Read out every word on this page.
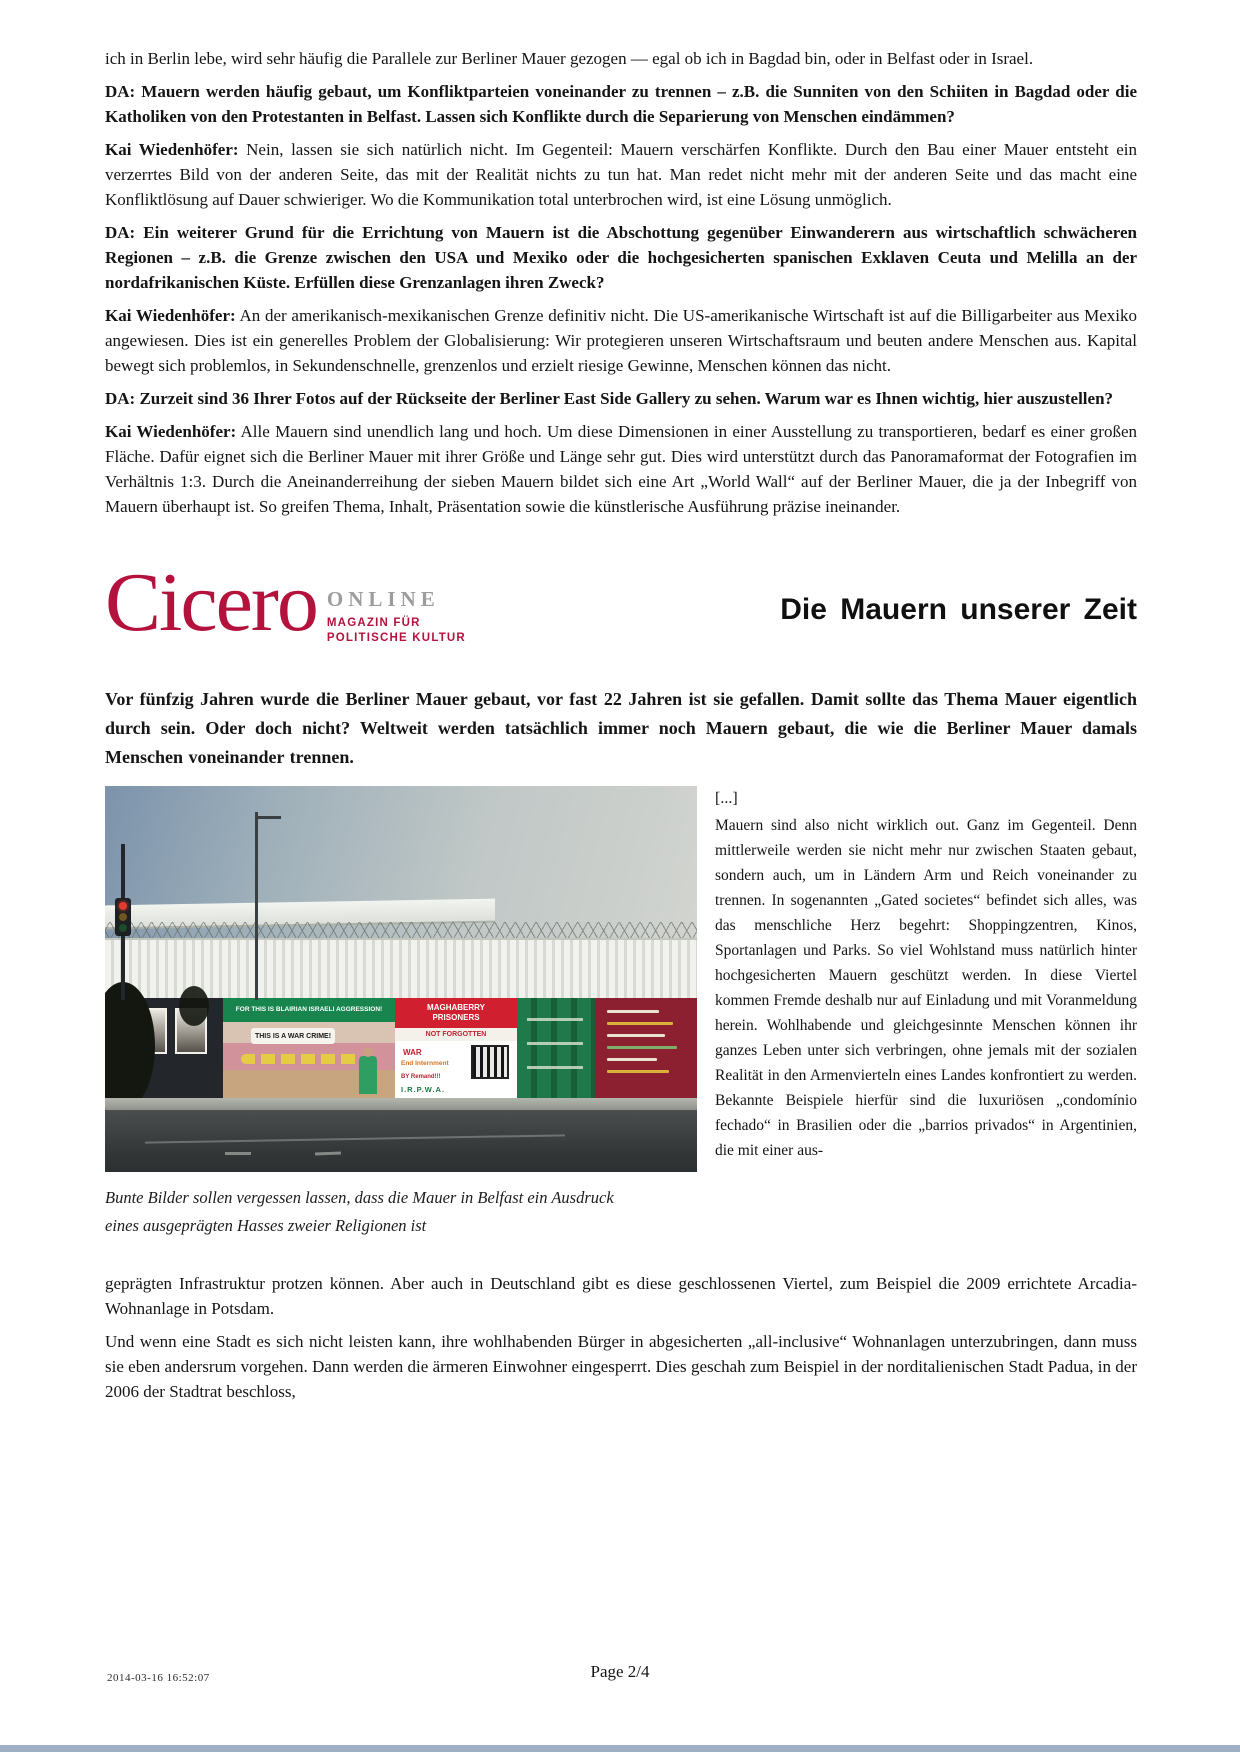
ich in Berlin lebe, wird sehr häufig die Parallele zur Berliner Mauer gezogen — egal ob ich in Bagdad bin, oder in Belfast oder in Israel.

DA: Mauern werden häufig gebaut, um Konfliktparteien voneinander zu trennen – z.B. die Sunniten von den Schiiten in Bagdad oder die Katholiken von den Protestanten in Belfast. Lassen sich Konflikte durch die Separierung von Menschen eindämmen?

Kai Wiedenhöfer: Nein, lassen sie sich natürlich nicht. Im Gegenteil: Mauern verschärfen Konflikte. Durch den Bau einer Mauer entsteht ein verzerrtes Bild von der anderen Seite, das mit der Realität nichts zu tun hat. Man redet nicht mehr mit der anderen Seite und das macht eine Konfliktlösung auf Dauer schwieriger. Wo die Kommunikation total unterbrochen wird, ist eine Lösung unmöglich.

DA: Ein weiterer Grund für die Errichtung von Mauern ist die Abschottung gegenüber Einwanderern aus wirtschaftlich schwächeren Regionen – z.B. die Grenze zwischen den USA und Mexiko oder die hochgesicherten spanischen Exklaven Ceuta und Melilla an der nordafrikanischen Küste. Erfüllen diese Grenzanlagen ihren Zweck?

Kai Wiedenhöfer: An der amerikanisch-mexikanischen Grenze definitiv nicht. Die US-amerikanische Wirtschaft ist auf die Billigarbeiter aus Mexiko angewiesen. Dies ist ein generelles Problem der Globalisierung: Wir protegieren unseren Wirtschaftsraum und beuten andere Menschen aus. Kapital bewegt sich problemlos, in Sekundenschnelle, grenzenlos und erzielt riesige Gewinne, Menschen können das nicht.

DA: Zurzeit sind 36 Ihrer Fotos auf der Rückseite der Berliner East Side Gallery zu sehen. Warum war es Ihnen wichtig, hier auszustellen?

Kai Wiedenhöfer: Alle Mauern sind unendlich lang und hoch. Um diese Dimensionen in einer Ausstellung zu transportieren, bedarf es einer großen Fläche. Dafür eignet sich die Berliner Mauer mit ihrer Größe und Länge sehr gut. Dies wird unterstützt durch das Panoramaformat der Fotografien im Verhältnis 1:3. Durch die Aneinanderreihung der sieben Mauern bildet sich eine Art „World Wall“ auf der Berliner Mauer, die ja der Inbegriff von Mauern überhaupt ist. So greifen Thema, Inhalt, Präsentation sowie die künstlerische Ausführung präzise ineinander.

Cicero ONLINE
MAGAZIN FÜR
POLITISCHE KULTUR
Die Mauern unserer Zeit

Vor fünfzig Jahren wurde die Berliner Mauer gebaut, vor fast 22 Jahren ist sie gefallen. Damit sollte das Thema Mauer eigentlich durch sein. Oder doch nicht? Weltweit werden tatsächlich immer noch Mauern gebaut, die wie die Berliner Mauer damals Menschen voneinander trennen.

FOR THIS IS BLAIRIAN ISRAELI AGGRESSION!
THIS IS A WAR CRIME!
MAGHABERRY
PRISONERS
NOT FORGOTTEN
WAR
End Internment
BY Remand!!!
I.R.P.W.A.

Bunte Bilder sollen vergessen lassen, dass die Mauer in Belfast ein Ausdruck eines ausgeprägten Hasses zweier Religionen ist

[...]

Mauern sind also nicht wirklich out. Ganz im Gegenteil. Denn mittlerweile werden sie nicht mehr nur zwischen Staaten gebaut, sondern auch, um in Ländern Arm und Reich voneinander zu trennen. In sogenannten „Gated societes“ befindet sich alles, was das menschliche Herz begehrt: Shoppingzentren, Kinos, Sportanlagen und Parks. So viel Wohlstand muss natürlich hinter hochgesicherten Mauern geschützt werden. In diese Viertel kommen Fremde deshalb nur auf Einladung und mit Voranmeldung herein. Wohlhabende und gleichgesinnte Menschen können ihr ganzes Leben unter sich verbringen, ohne jemals mit der sozialen Realität in den Armenvierteln eines Landes konfrontiert zu werden. Bekannte Beispiele hierfür sind die luxuriösen „condomínio fechado“ in Brasilien oder die „barrios privados“ in Argentinien, die mit einer aus-

geprägten Infrastruktur protzen können. Aber auch in Deutschland gibt es diese geschlossenen Viertel, zum Beispiel die 2009 errichtete Arcadia-Wohnanlage in Potsdam.

Und wenn eine Stadt es sich nicht leisten kann, ihre wohlhabenden Bürger in abgesicherten „all-inclusive“ Wohnanlagen unterzubringen, dann muss sie eben andersrum vorgehen. Dann werden die ärmeren Einwohner eingesperrt. Dies geschah zum Beispiel in der norditalienischen Stadt Padua, in der 2006 der Stadtrat beschloss,

2014-03-16 16:52:07	Page 2/4
